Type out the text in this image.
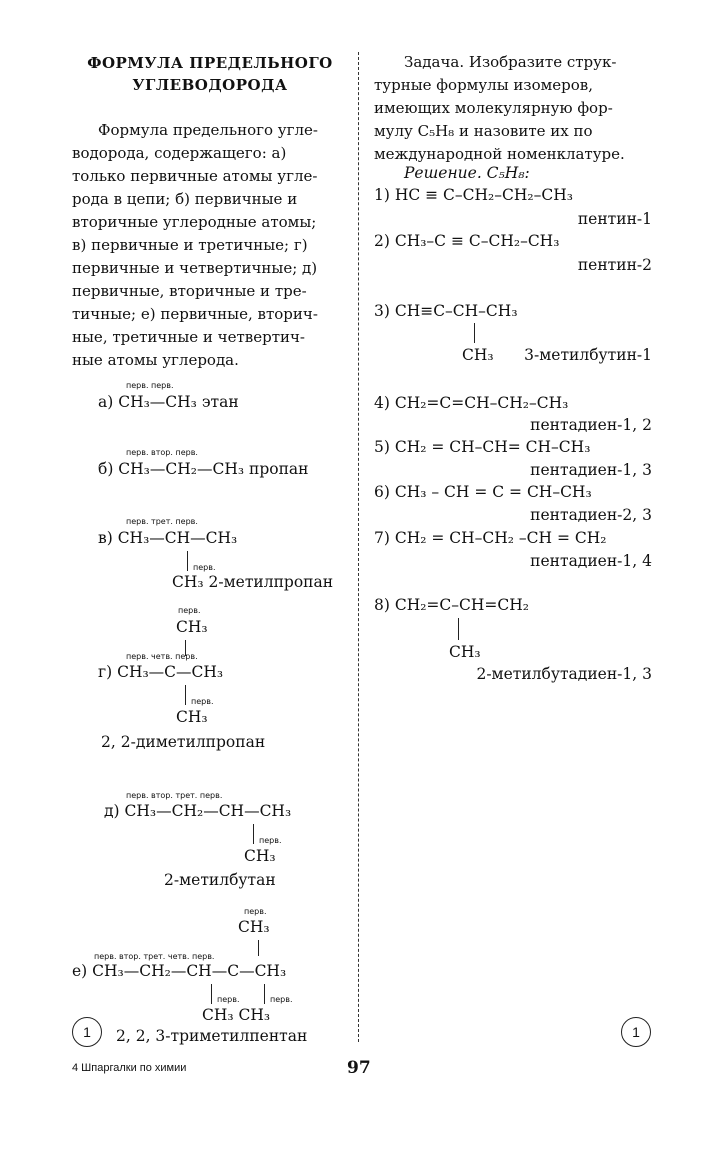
ФОРМУЛА ПРЕДЕЛЬНОГО
УГЛЕВОДОРОДА
Формула предельного угле-
водорода, содержащего: а)
только первичные атомы угле-
рода в цепи; б) первичные и
вторичные углеродные атомы;
в) первичные и третичные; г)
первичные и четвертичные; д)
первичные, вторичные и тре-
тичные; е) первичные, вторич-
ные, третичные и четвертич-
ные атомы углерода.
перв. перв.
а) CH₃—CH₃ этан
перв. втор. перв.
б) CH₃—CH₂—CH₃ пропан
перв. трет. перв.
в) CH₃—CH—CH₃
перв.
CH₃ 2-метилпропан
перв.
CH₃
перв. четв. перв.
г) CH₃—C—CH₃
перв.
CH₃
2, 2-диметилпропан
перв. втор. трет. перв.
д) CH₃—CH₂—CH—CH₃
перв.
CH₃
2-метилбутан
перв.
CH₃
перв. втор. трет. четв. перв.
е) CH₃—CH₂—CH—C—CH₃
перв.	перв.
CH₃ CH₃
2, 2, 3-триметилпентан
1
Задача. Изобразите струк-
турные формулы изомеров,
имеющих молекулярную фор-
мулу C₅H₈ и назовите их по
международной номенклатуре.
Решение. C₅H₈:
1) HC ≡ C–CH₂–CH₂–CH₃
пентин-1
2) CH₃–C ≡ C–CH₂–CH₃
пентин-2
3) CH≡C–CH–CH₃
CH₃ 3-метилбутин-1
4) CH₂=C=CH–CH₂–CH₃
пентадиен-1, 2
5) CH₂ = CH–CH= CH–CH₃
пентадиен-1, 3
6) CH₃ – CH = C = CH–CH₃
пентадиен-2, 3
7) CH₂ = CH–CH₂ –CH = CH₂
пентадиен-1, 4
8) CH₂=C–CH=CH₂
CH₃
2-метилбутадиен-1, 3
1
4 Шпаргалки по химии	97
